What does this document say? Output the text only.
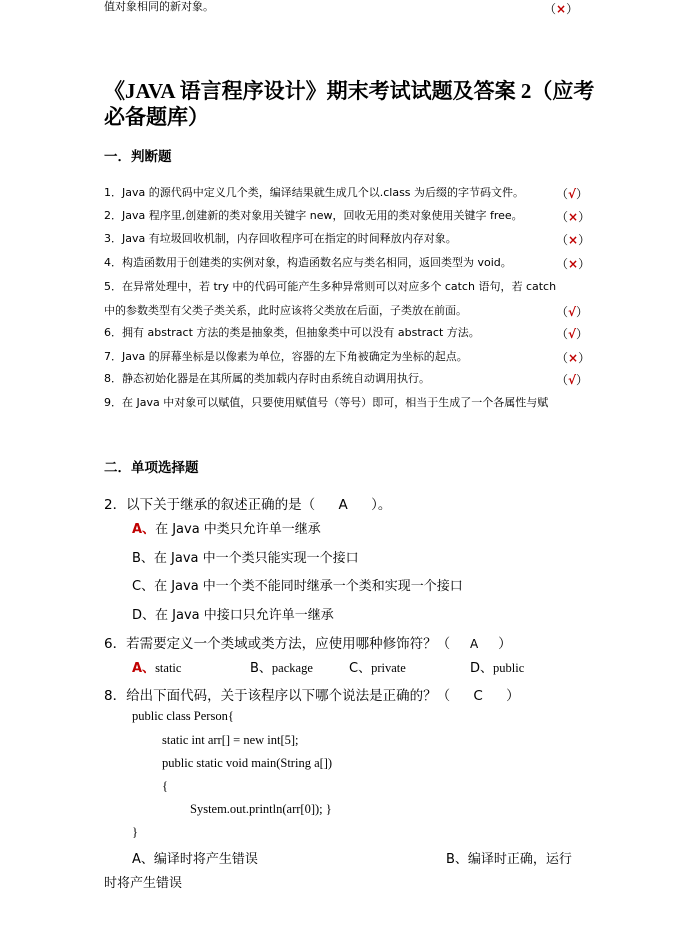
《JAVA 语言程序设计》期末考试试题及答案 2（应考
必备题库）
一．判断题
1．Java 的源代码中定义几个类，编译结果就生成几个以.class 为后缀的字节码文件。	（√）
2．Java 程序里,创建新的类对象用关键字 new，回收无用的类对象使用关键字 free。	（×）
3．Java 有垃圾回收机制，内存回收程序可在指定的时间释放内存对象。	（×）
4．构造函数用于创建类的实例对象，构造函数名应与类名相同，返回类型为 void。	（×）
5．在异常处理中，若 try 中的代码可能产生多种异常则可以对应多个 catch 语句，若 catch
中的参数类型有父类子类关系，此时应该将父类放在后面，子类放在前面。	（√）
6．拥有 abstract 方法的类是抽象类，但抽象类中可以没有 abstract 方法。	（√）
7．Java 的屏幕坐标是以像素为单位，容器的左下角被确定为坐标的起点。	（×）
8．静态初始化器是在其所属的类加载内存时由系统自动调用执行。	（√）
9．在 Java 中对象可以赋值，只要使用赋值号（等号）即可，相当于生成了一个各属性与赋
值对象相同的新对象。	（×）
二．单项选择题
2．以下关于继承的叙述正确的是（ A ）。
A、在 Java 中类只允许单一继承
B、在 Java 中一个类只能实现一个接口
C、在 Java 中一个类不能同时继承一个类和实现一个接口
D、在 Java 中接口只允许单一继承
6．若需要定义一个类域或类方法，应使用哪种修饰符？（ A ）
A、static	B、package	C、private	D、public
8．给出下面代码，关于该程序以下哪个说法是正确的？（ C ）
public class Person{
static int arr[] = new int[5];
public static void main(String a[])
{
System.out.println(arr[0]); }
}
A、编译时将产生错误	B、编译时正确，运行
时将产生错误
